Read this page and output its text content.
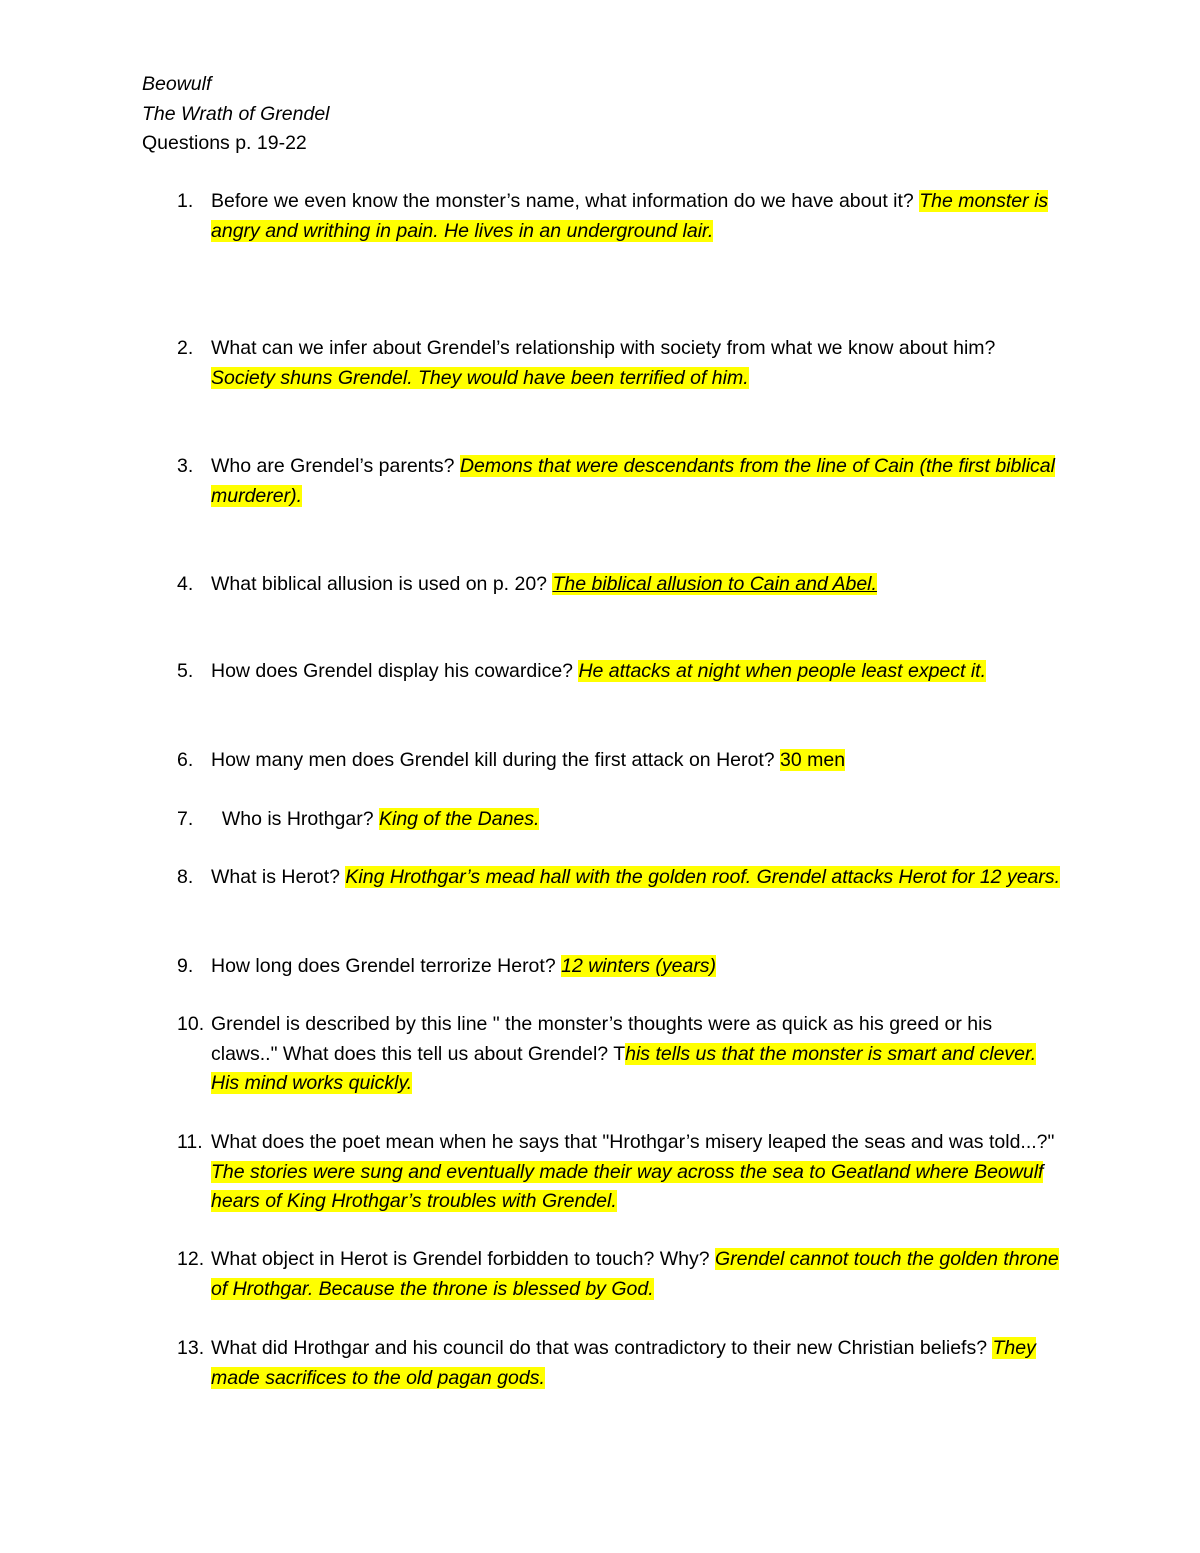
Beowulf
The Wrath of Grendel
Questions p. 19-22
1. Before we even know the monster’s name, what information do we have about it? The monster is angry and writhing in pain. He lives in an underground lair.
2. What can we infer about Grendel’s relationship with society from what we know about him? Society shuns Grendel. They would have been terrified of him.
3. Who are Grendel’s parents? Demons that were descendants from the line of Cain (the first biblical murderer).
4. What biblical allusion is used on p. 20? The biblical allusion to Cain and Abel.
5. How does Grendel display his cowardice? He attacks at night when people least expect it.
6. How many men does Grendel kill during the first attack on Herot? 30 men
7. Who is Hrothgar? King of the Danes.
8. What is Herot? King Hrothgar’s mead hall with the golden roof. Grendel attacks Herot for 12 years.
9. How long does Grendel terrorize Herot? 12 winters (years)
10. Grendel is described by this line " the monster’s thoughts were as quick as his greed or his claws.." What does this tell us about Grendel? This tells us that the monster is smart and clever. His mind works quickly.
11. What does the poet mean when he says that "Hrothgar’s misery leaped the seas and was told...?" The stories were sung and eventually made their way across the sea to Geatland where Beowulf hears of King Hrothgar’s troubles with Grendel.
12. What object in Herot is Grendel forbidden to touch? Why? Grendel cannot touch the golden throne of Hrothgar. Because the throne is blessed by God.
13. What did Hrothgar and his council do that was contradictory to their new Christian beliefs? They made sacrifices to the old pagan gods.
